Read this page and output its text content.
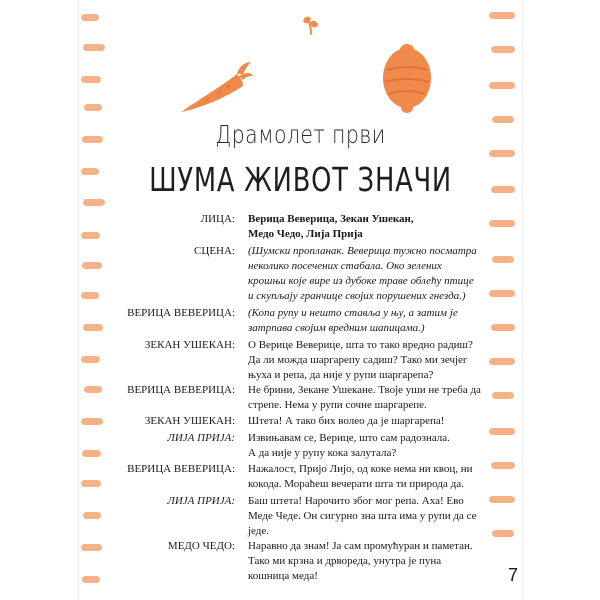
Драмолет први
ШУМА ЖИВОТ ЗНАЧИ
ЛИЦА: Верица Веверица, Зекан Ушекан,
Медо Чедо, Лија Прија
СЦЕНА: (Шумски пропланак. Веверица тужно посматра
неколико посечених стабала. Око зелених
крошњи које вире из дубоке траве облећу птице
и скупљају гранчице својих порушених гнезда.)
ВЕРИЦА ВЕВЕРИЦА: (Копа рупу и нешто ставља у њу, а затим је
затрпава својим вредним шапицама.)
ЗЕКАН УШЕКАН: О Верице Веверице, шта то тако вредно радиш?
Да ли можда шаргарепу садиш? Тако ми зечјег
њуха и репа, да није у рупи шаргарепа?
ВЕРИЦА ВЕВЕРИЦА: Не брини, Зекане Ушекане. Твоје уши не треба да
стрепе. Нема у рупи сочне шаргарепе.
ЗЕКАН УШЕКАН: Штета! А тако бих волео да је шаргарепа!
ЛИЈА ПРИЈА: Извињавам се, Верице, што сам радознала.
А да није у рупу кока залутала?
ВЕРИЦА ВЕВЕРИЦА: Нажалост, Пријо Лијо, од коке нема ни квоц, ни
кокода. Мораћеш вечерати шта ти природа да.
ЛИЈА ПРИЈА: Баш штета! Нарочито због мог репа. Аха! Ево
Меде Чеде. Он сигурно зна шта има у рупи да се
једе.
МЕДО ЧЕДО: Наравно да знам! Ја сам промућуран и паметан.
Тако ми крзна и дрвореда, унутра је пуна
кошница меда!	7
